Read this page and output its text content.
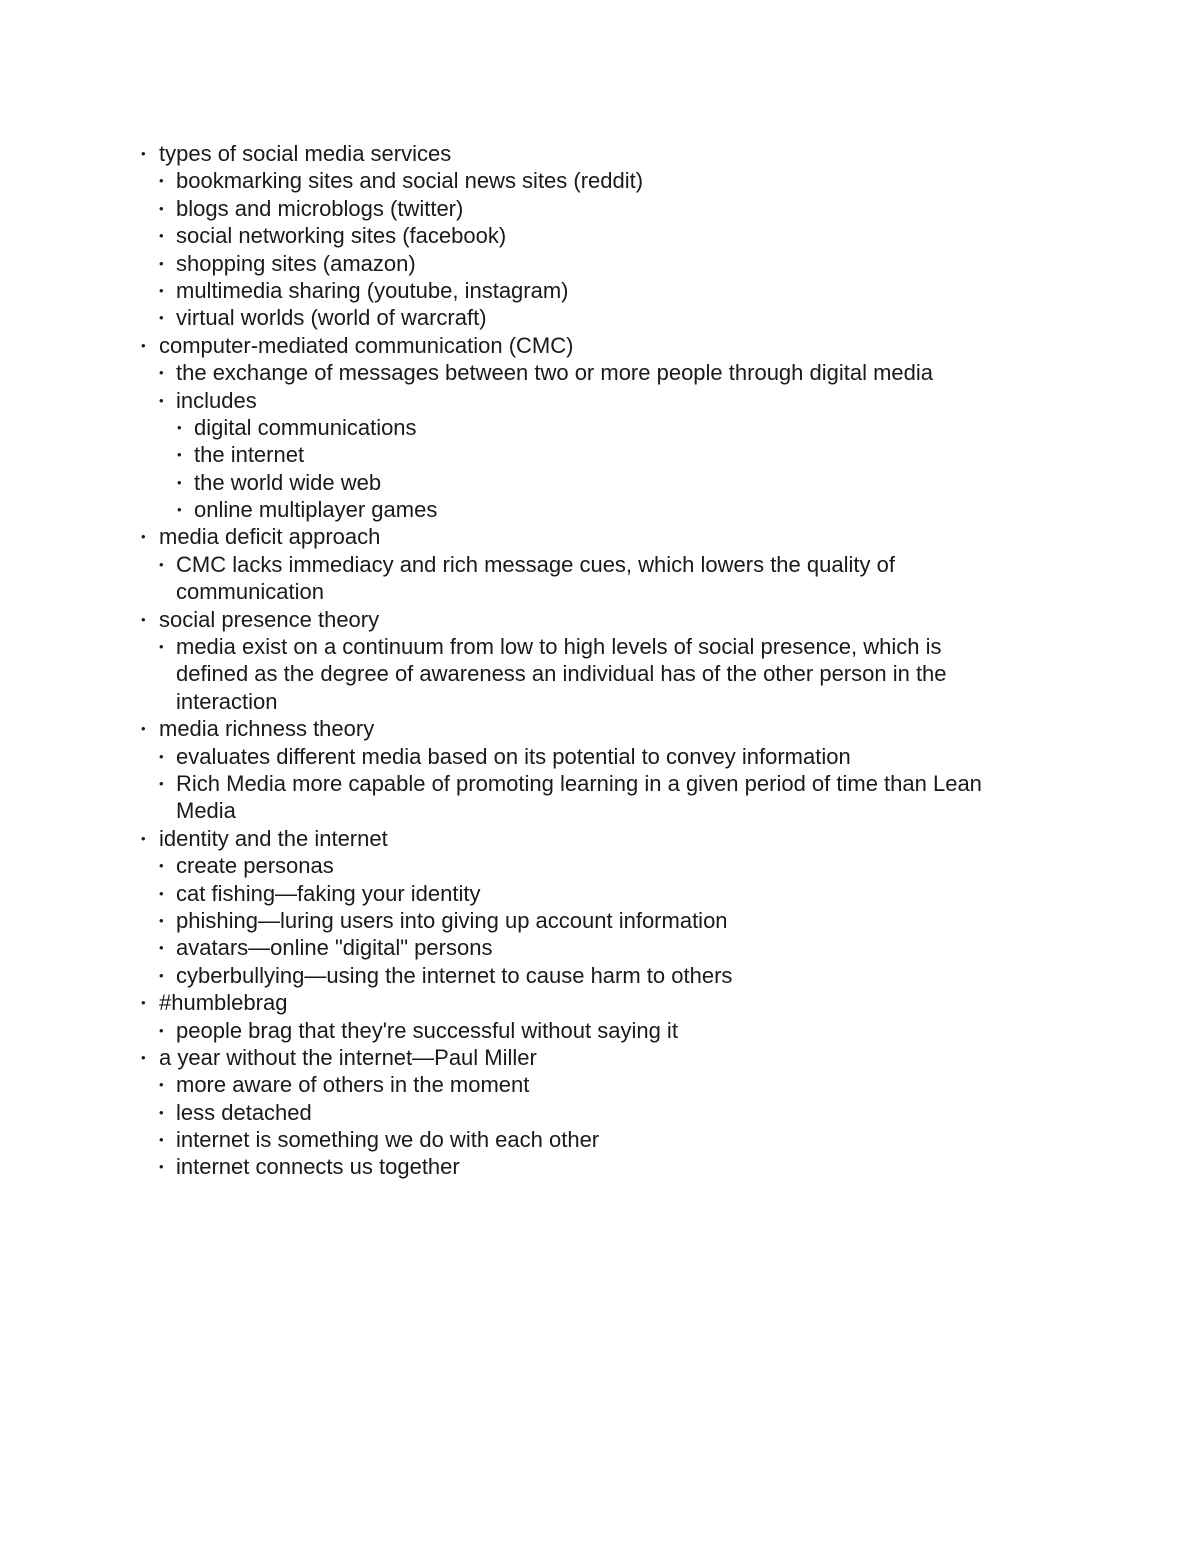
• types of social media services
• bookmarking sites and social news sites (reddit)
• blogs and microblogs (twitter)
• social networking sites (facebook)
• shopping sites (amazon)
• multimedia sharing (youtube, instagram)
• virtual worlds (world of warcraft)
• computer-mediated communication (CMC)
• the exchange of messages between two or more people through digital media
• includes
• digital communications
• the internet
• the world wide web
• online multiplayer games
• media deficit approach
• CMC lacks immediacy and rich message cues, which lowers the quality of
communication
• social presence theory
• media exist on a continuum from low to high levels of social presence, which is
defined as the degree of awareness an individual has of the other person in the
interaction
• media richness theory
• evaluates different media based on its potential to convey information
• Rich Media more capable of promoting learning in a given period of time than Lean
Media
• identity and the internet
• create personas
• cat fishing—faking your identity
• phishing—luring users into giving up account information
• avatars—online "digital" persons
• cyberbullying—using the internet to cause harm to others
• #humblebrag
• people brag that they're successful without saying it
• a year without the internet—Paul Miller
• more aware of others in the moment
• less detached
• internet is something we do with each other
• internet connects us together
